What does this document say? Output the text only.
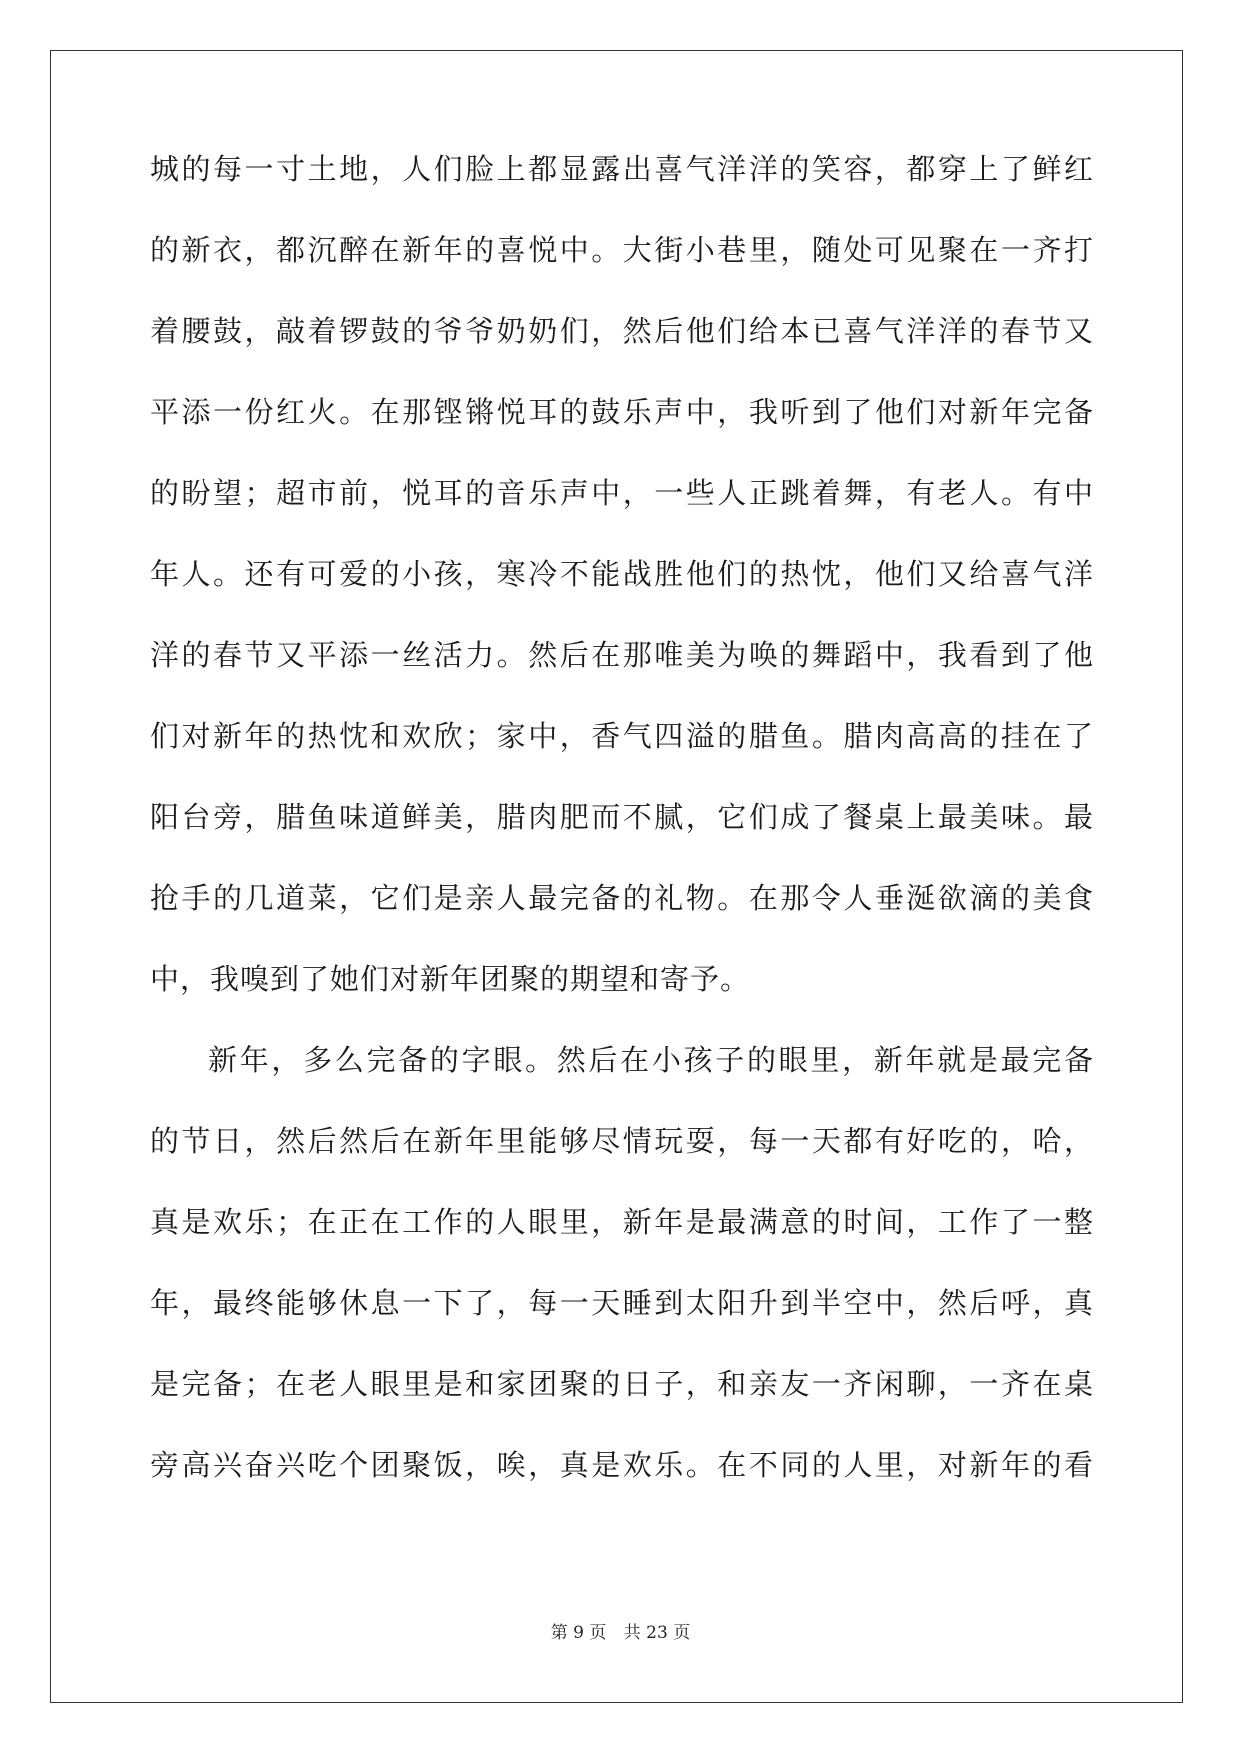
城的每一寸土地，人们脸上都显露出喜气洋洋的笑容，都穿上了鲜红
的新衣，都沉醉在新年的喜悦中。大街小巷里，随处可见聚在一齐打
着腰鼓，敲着锣鼓的爷爷奶奶们，然后他们给本已喜气洋洋的春节又
平添一份红火。在那铿锵悦耳的鼓乐声中，我听到了他们对新年完备
的盼望；超市前，悦耳的音乐声中，一些人正跳着舞，有老人。有中
年人。还有可爱的小孩，寒冷不能战胜他们的热忱，他们又给喜气洋
洋的春节又平添一丝活力。然后在那唯美为唤的舞蹈中，我看到了他
们对新年的热忱和欢欣；家中，香气四溢的腊鱼。腊肉高高的挂在了
阳台旁，腊鱼味道鲜美，腊肉肥而不腻，它们成了餐桌上最美味。最
抢手的几道菜，它们是亲人最完备的礼物。在那令人垂涎欲滴的美食
中，我嗅到了她们对新年团聚的期望和寄予。
新年，多么完备的字眼。然后在小孩子的眼里，新年就是最完备
的节日，然后然后在新年里能够尽情玩耍，每一天都有好吃的，哈，
真是欢乐；在正在工作的人眼里，新年是最满意的时间，工作了一整
年，最终能够休息一下了，每一天睡到太阳升到半空中，然后呼，真
是完备；在老人眼里是和家团聚的日子，和亲友一齐闲聊，一齐在桌
旁高兴奋兴吃个团聚饭，唉，真是欢乐。在不同的人里，对新年的看
第 9 页 共 23 页
